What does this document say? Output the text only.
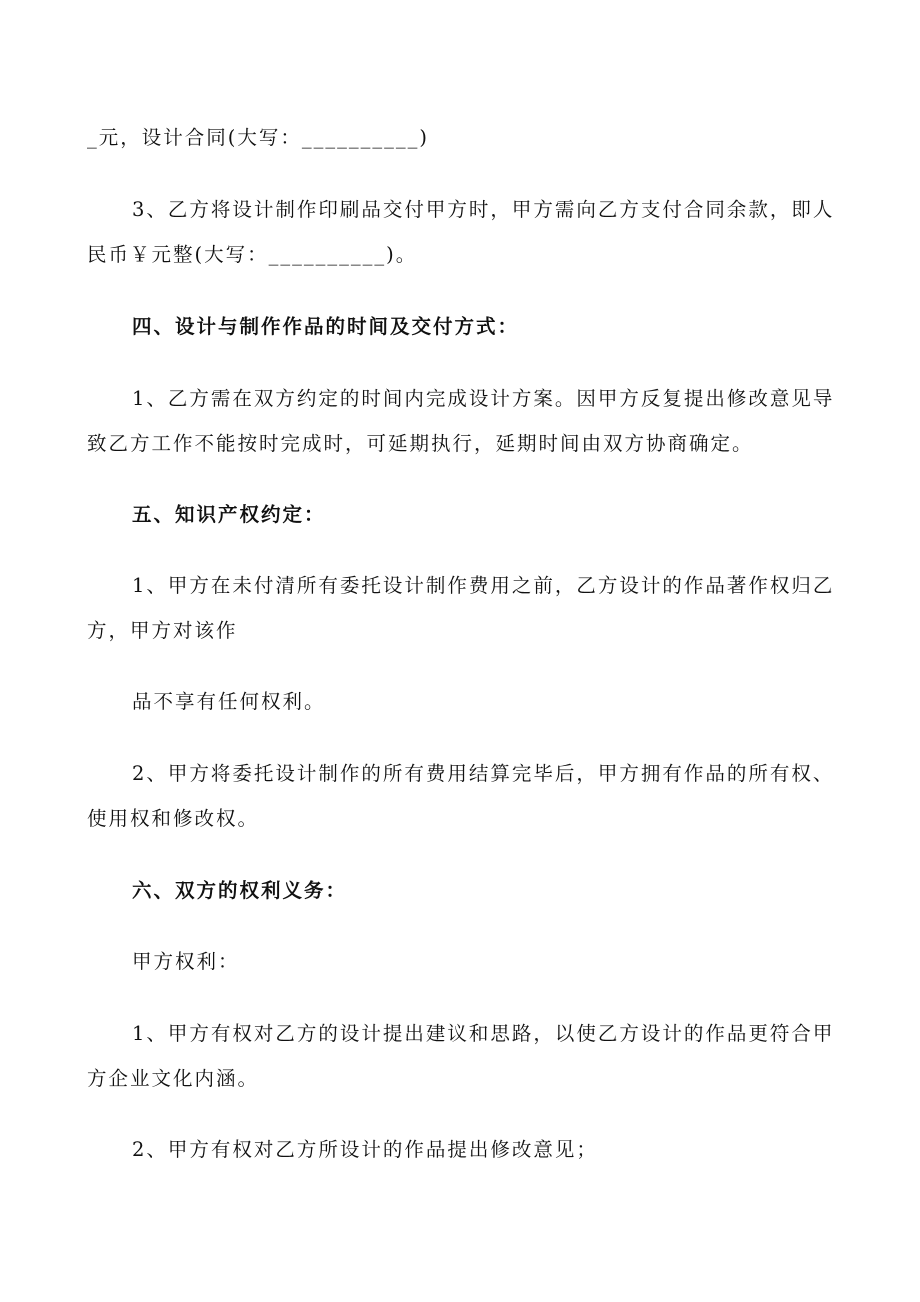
_元，设计合同(大写：__________)
3、乙方将设计制作印刷品交付甲方时，甲方需向乙方支付合同余款，即人
民币￥元整(大写：__________)。
四、设计与制作作品的时间及交付方式：
1、乙方需在双方约定的时间内完成设计方案。因甲方反复提出修改意见导
致乙方工作不能按时完成时，可延期执行，延期时间由双方协商确定。
五、知识产权约定：
1、甲方在未付清所有委托设计制作费用之前，乙方设计的作品著作权归乙
方，甲方对该作
品不享有任何权利。
2、甲方将委托设计制作的所有费用结算完毕后，甲方拥有作品的所有权、
使用权和修改权。
六、双方的权利义务：
甲方权利：
1、甲方有权对乙方的设计提出建议和思路，以使乙方设计的作品更符合甲
方企业文化内涵。
2、甲方有权对乙方所设计的作品提出修改意见；
